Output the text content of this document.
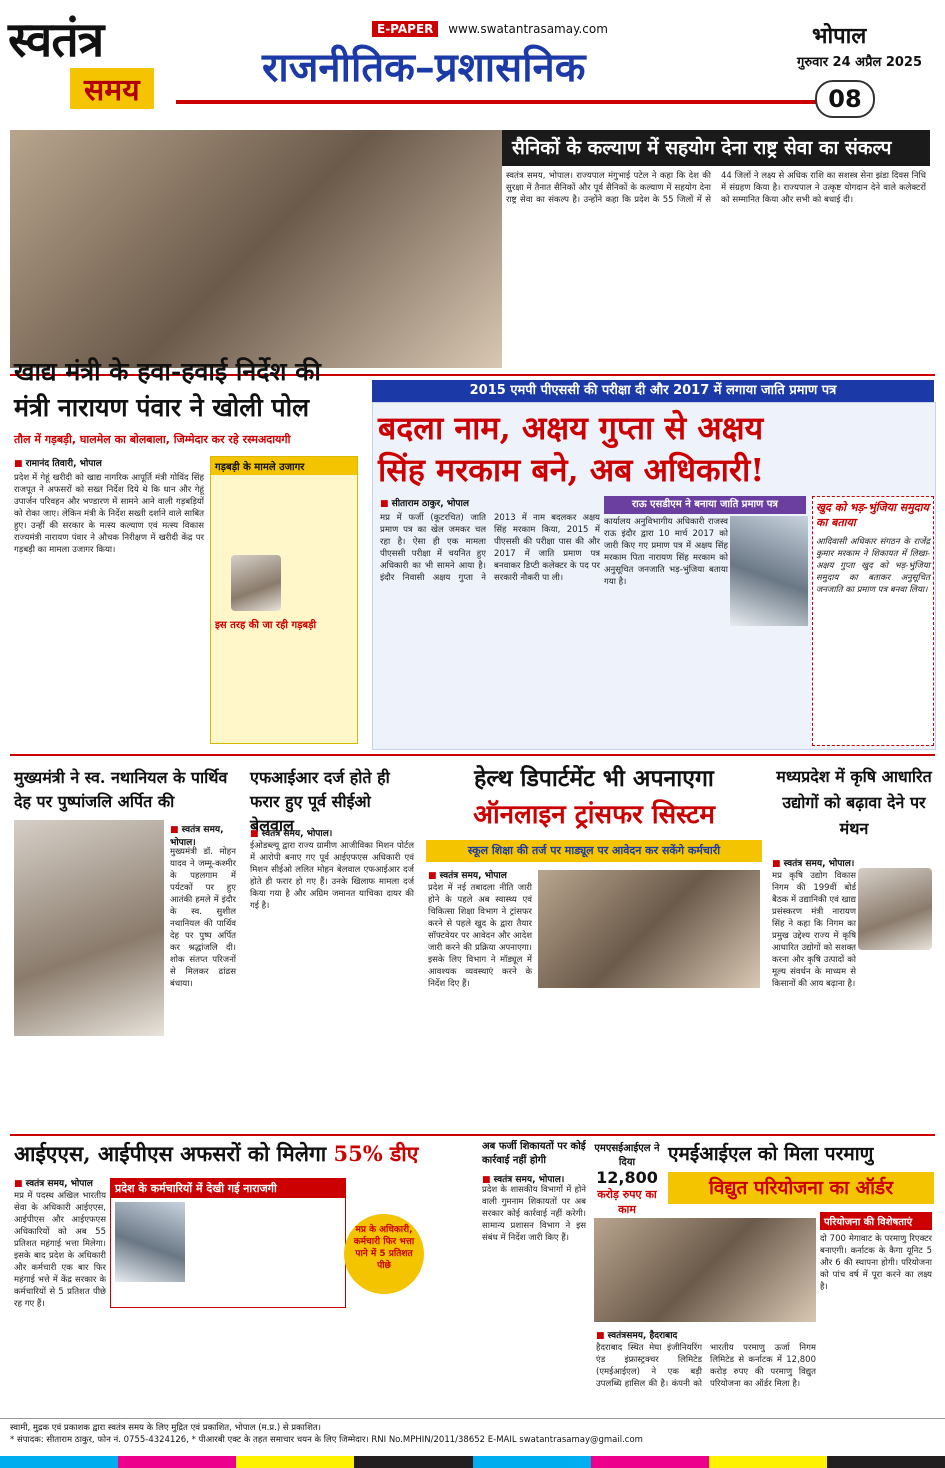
स्वतंत्र
समय
E-PAPER www.swatantrasamay.com
राजनीतिक–प्रशासनिक
भोपाल
गुरुवार 24 अप्रैल 2025
08
सैनिकों के कल्याण में सहयोग देना राष्ट्र सेवा का संकल्प
स्वतंत्र समय, भोपाल। राज्यपाल मंगुभाई पटेल ने कहा कि देश की सुरक्षा में तैनात सैनिकों और पूर्व सैनिकों के कल्याण में सहयोग देना राष्ट्र सेवा का संकल्प है। उन्होंने कहा कि प्रदेश के 55 जिलों में से 44 जिलों ने लक्ष्य से अधिक राशि का सशस्त्र सेना झंडा दिवस निधि में संग्रहण किया है। राज्यपाल ने उत्कृष्ट योगदान देने वाले कलेक्टरों को सम्मानित किया और सभी को बधाई दी।
खाद्य मंत्री के हवा-हवाई निर्देश की मंत्री नारायण पंवार ने खोली पोल
तौल में गड़बड़ी, घालमेल का बोलबाला, जिम्मेदार कर रहे रस्मअदायगी
■ रामानंद तिवारी, भोपाल
प्रदेश में गेहूं खरीदी को खाद्य नागरिक आपूर्ति मंत्री गोविंद सिंह राजपूत ने अफसरों को सख्त निर्देश दिये थे कि धान और गेहूं उपार्जन परिवहन और भण्डारण में सामने आने वाली गड़बड़ियों को रोका जाए। लेकिन मंत्री के निर्देश सख्ती दर्शाने वाले साबित हुए। उन्हीं की सरकार के मत्स्य कल्याण एवं मत्स्य विकास राज्यमंत्री नारायण पंवार ने औचक निरीक्षण में खरीदी केंद्र पर गड़बड़ी का मामला उजागर किया।
गड़बड़ी के मामले उजागर
इस तरह की जा रही गड़बड़ी
2015 एमपी पीएससी की परीक्षा दी और 2017 में लगाया जाति प्रमाण पत्र
बदला नाम, अक्षय गुप्ता से अक्षय
सिंह मरकाम बने, अब अधिकारी!
■ सीताराम ठाकुर, भोपाल
मप्र में फर्जी (कूटरचित) जाति प्रमाण पत्र का खेल जमकर चल रहा है। ऐसा ही एक मामला पीएससी परीक्षा में चयनित हुए अधिकारी का भी सामने आया है। इंदौर निवासी अक्षय गुप्ता ने 2013 में नाम बदलकर अक्षय सिंह मरकाम किया, 2015 में पीएससी की परीक्षा पास की और 2017 में जाति प्रमाण पत्र बनवाकर डिप्टी कलेक्टर के पद पर सरकारी नौकरी पा ली।
राऊ एसडीएम ने बनाया जाति प्रमाण पत्र
कार्यालय अनुविभागीय अधिकारी राजस्व राऊ इंदौर द्वारा 10 मार्च 2017 को जारी किए गए प्रमाण पत्र में अक्षय सिंह मरकाम पिता नारायण सिंह मरकाम को अनुसूचित जनजाति भड़-भुंजिया बताया गया है।
खुद को भड़-भुंजिया समुदाय का बताया
आदिवासी अधिकार संगठन के राजेंद्र कुमार मरकाम ने शिकायत में लिखा-अक्षय गुप्ता खुद को भड़-भुंजिया समुदाय का बताकर अनुसूचित जनजाति का प्रमाण पत्र बनवा लिया।
मुख्यमंत्री ने स्व. नथानियल के पार्थिव देह पर पुष्पांजलि अर्पित की
■ स्वतंत्र समय, भोपाल।
मुख्यमंत्री डॉ. मोहन यादव ने जम्मू-कश्मीर के पहलगाम में पर्यटकों पर हुए आतंकी हमले में इंदौर के स्व. सुशील नथानियल की पार्थिव देह पर पुष्प अर्पित कर श्रद्धांजलि दी। शोक संतप्त परिजनों से मिलकर ढांढस बंधाया।
एफआईआर दर्ज होते ही फरार हुए पूर्व सीईओ बेलवाल
■ स्वतंत्र समय, भोपाल।
ईओडब्ल्यू द्वारा राज्य ग्रामीण आजीविका मिशन पोर्टल में आरोपी बनाए गए पूर्व आईएफएस अधिकारी एवं मिशन सीईओ ललित मोहन बेलवाल एफआईआर दर्ज होते ही फरार हो गए हैं। उनके खिलाफ मामला दर्ज किया गया है और अग्रिम जमानत याचिका दायर की गई है।
हेल्थ डिपार्टमेंट भी अपनाएगा
ऑनलाइन ट्रांसफर सिस्टम
स्कूल शिक्षा की तर्ज पर माड्यूल पर आवेदन कर सकेंगे कर्मचारी
■ स्वतंत्र समय, भोपाल
प्रदेश में नई तबादला नीति जारी होने के पहले अब स्वास्थ्य एवं चिकित्सा शिक्षा विभाग ने ट्रांसफर करने से पहले खुद के द्वारा तैयार सॉफ्टवेयर पर आवेदन और आदेश जारी करने की प्रक्रिया अपनाएगा। इसके लिए विभाग ने मॉड्यूल में आवश्यक व्यवस्थाएं करने के निर्देश दिए हैं।
मध्यप्रदेश में कृषि आधारित उद्योगों को बढ़ावा देने पर मंथन
■ स्वतंत्र समय, भोपाल।
मप्र कृषि उद्योग विकास निगम की 199वीं बोर्ड बैठक में उद्यानिकी एवं खाद्य प्रसंस्करण मंत्री नारायण सिंह ने कहा कि निगम का प्रमुख उद्देश्य राज्य में कृषि आधारित उद्योगों को सशक्त करना और कृषि उत्पादों को मूल्य संवर्धन के माध्यम से किसानों की आय बढ़ाना है।
आईएएस, आईपीएस अफसरों को मिलेगा 55% डीए
■ स्वतंत्र समय, भोपाल
मप्र में पदस्थ अखिल भारतीय सेवा के अधिकारी आईएएस, आईपीएस और आईएफएस अधिकारियों को अब 55 प्रतिशत महंगाई भत्ता मिलेगा। इसके बाद प्रदेश के अधिकारी और कर्मचारी एक बार फिर महंगाई भत्ते में केंद्र सरकार के कर्मचारियों से 5 प्रतिशत पीछे रह गए हैं।
प्रदेश के कर्मचारियों में देखी गई नाराजगी
मप्र के अधिकारी, कर्मचारी फिर भत्ता पाने में 5 प्रतिशत पीछे
अब फर्जी शिकायतों पर कोई कार्रवाई नहीं होगी
■ स्वतंत्र समय, भोपाल।
प्रदेश के शासकीय विभागों में होने वाली गुमनाम शिकायतों पर अब सरकार कोई कार्रवाई नहीं करेगी। सामान्य प्रशासन विभाग ने इस संबंध में निर्देश जारी किए हैं।
एमएसईआईएल ने दिया
12,800
करोड़ रुपए का काम
एमईआईएल को मिला परमाणु
विद्युत परियोजना का ऑर्डर
परियोजना की विशेषताएं
दो 700 मेगावाट के परमाणु रिएक्टर बनाएगी। कर्नाटक के कैगा यूनिट 5 और 6 की स्थापना होगी। परियोजना को पांच वर्ष में पूरा करने का लक्ष्य है।
■ स्वतंत्रसमय, हैदराबाद
हैदराबाद स्थित मेघा इंजीनियरिंग एंड इंफ्रास्ट्रक्चर लिमिटेड (एमईआईएल) ने एक बड़ी उपलब्धि हासिल की है। कंपनी को भारतीय परमाणु ऊर्जा निगम लिमिटेड से कर्नाटक में 12,800 करोड़ रुपए की परमाणु विद्युत परियोजना का ऑर्डर मिला है।
स्वामी, मुद्रक एवं प्रकाशक द्वारा स्वतंत्र समय के लिए मुद्रित एवं प्रकाशित, भोपाल (म.प्र.) से प्रकाशित।
* संपादक: सीताराम ठाकुर, फोन नं. 0755-4324126, * पीआरबी एक्ट के तहत समाचार चयन के लिए जिम्मेदार। RNI No.MPHIN/2011/38652 E-MAIL swatantrasamay@gmail.com
